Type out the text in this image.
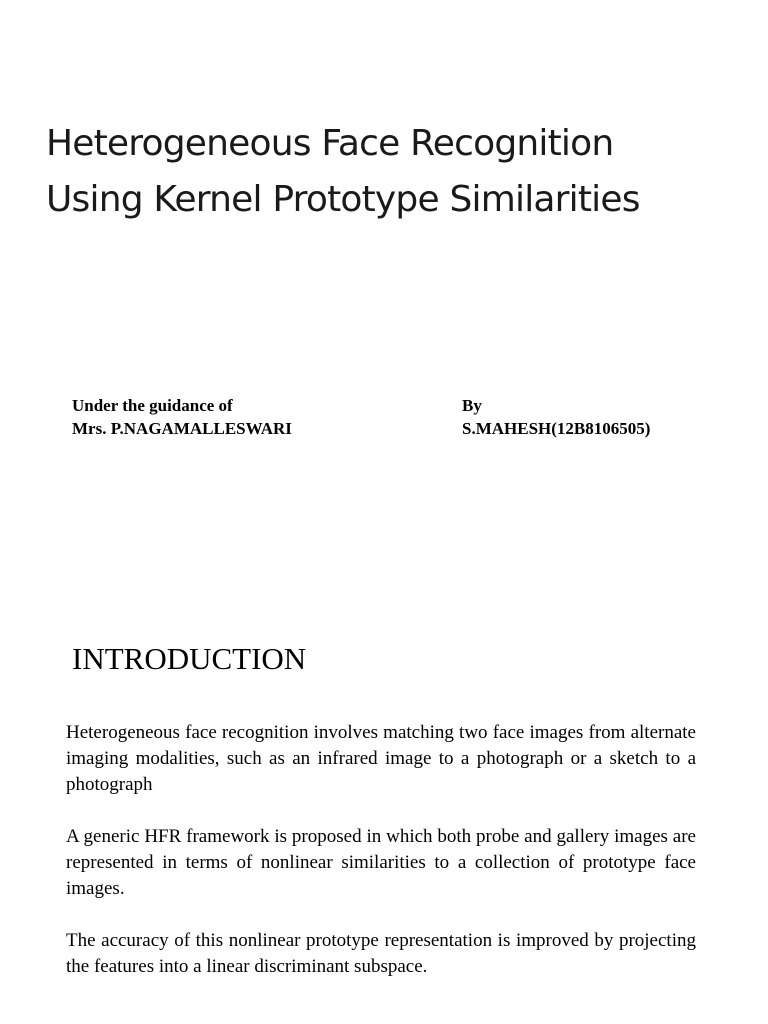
Heterogeneous Face Recognition
Using Kernel Prototype Similarities
Under the guidance of
Mrs. P.NAGAMALLESWARI
By
S.MAHESH(12B8106505)
INTRODUCTION

Heterogeneous face recognition involves matching two face images from alternate imaging modalities, such as an infrared image to a photograph or a sketch to a photograph

A generic HFR framework is proposed in which both probe and gallery images are represented in terms of nonlinear similarities to a collection of prototype face images.

The accuracy of this nonlinear prototype representation is improved by projecting the features into a linear discriminant subspace.
